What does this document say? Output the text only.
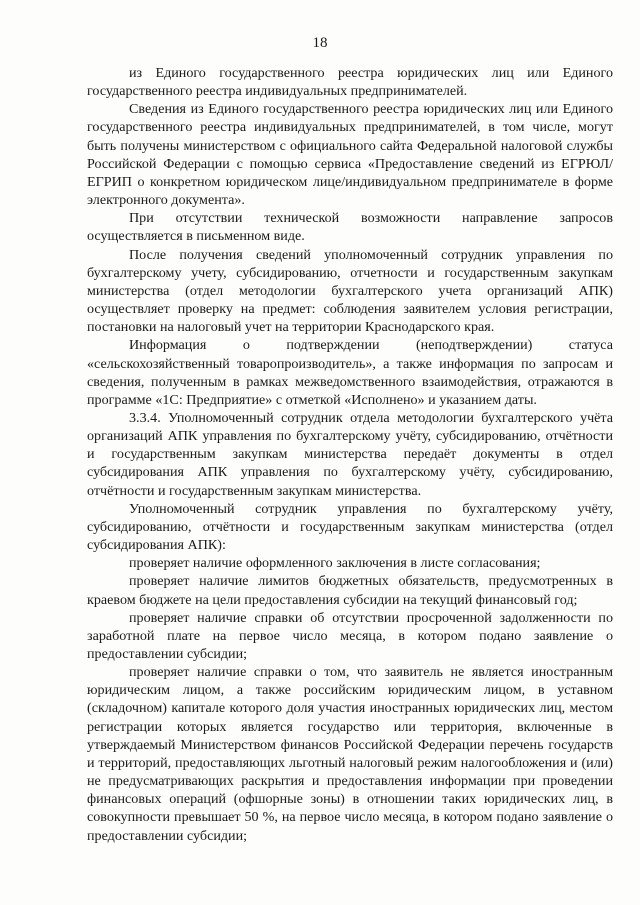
18

из Единого государственного реестра юридических лиц или Единого государственного реестра индивидуальных предпринимателей.

Сведения из Единого государственного реестра юридических лиц или Единого государственного реестра индивидуальных предпринимателей, в том числе, могут быть получены министерством с официального сайта Федеральной налоговой службы Российской Федерации с помощью сервиса «Предоставление сведений из ЕГРЮЛ/ЕГРИП о конкретном юридическом лице/индивидуальном предпринимателе в форме электронного документа».

При отсутствии технической возможности направление запросов осуществляется в письменном виде.

После получения сведений уполномоченный сотрудник управления по бухгалтерскому учету, субсидированию, отчетности и государственным закупкам министерства (отдел методологии бухгалтерского учета организаций АПК) осуществляет проверку на предмет: соблюдения заявителем условия регистрации, постановки на налоговый учет на территории Краснодарского края.

Информация о подтверждении (неподтверждении) статуса «сельскохозяйственный товаропроизводитель», а также информация по запросам и сведения, полученным в рамках межведомственного взаимодействия, отражаются в программе «1С: Предприятие» с отметкой «Исполнено» и указанием даты.

3.3.4. Уполномоченный сотрудник отдела методологии бухгалтерского учёта организаций АПК управления по бухгалтерскому учёту, субсидированию, отчётности и государственным закупкам министерства передаёт документы в отдел субсидирования АПК управления по бухгалтерскому учёту, субсидированию, отчётности и государственным закупкам министерства.

Уполномоченный сотрудник управления по бухгалтерскому учёту, субсидированию, отчётности и государственным закупкам министерства (отдел субсидирования АПК):

проверяет наличие оформленного заключения в листе согласования;

проверяет наличие лимитов бюджетных обязательств, предусмотренных в краевом бюджете на цели предоставления субсидии на текущий финансовый год;

проверяет наличие справки об отсутствии просроченной задолженности по заработной плате на первое число месяца, в котором подано заявление о предоставлении субсидии;

проверяет наличие справки о том, что заявитель не является иностранным юридическим лицом, а также российским юридическим лицом, в уставном (складочном) капитале которого доля участия иностранных юридических лиц, местом регистрации которых является государство или территория, включенные в утверждаемый Министерством финансов Российской Федерации перечень государств и территорий, предоставляющих льготный налоговый режим налогообложения и (или) не предусматривающих раскрытия и предоставления информации при проведении финансовых операций (офшорные зоны) в отношении таких юридических лиц, в совокупности превышает 50 %, на первое число месяца, в котором подано заявление о предоставлении субсидии;
